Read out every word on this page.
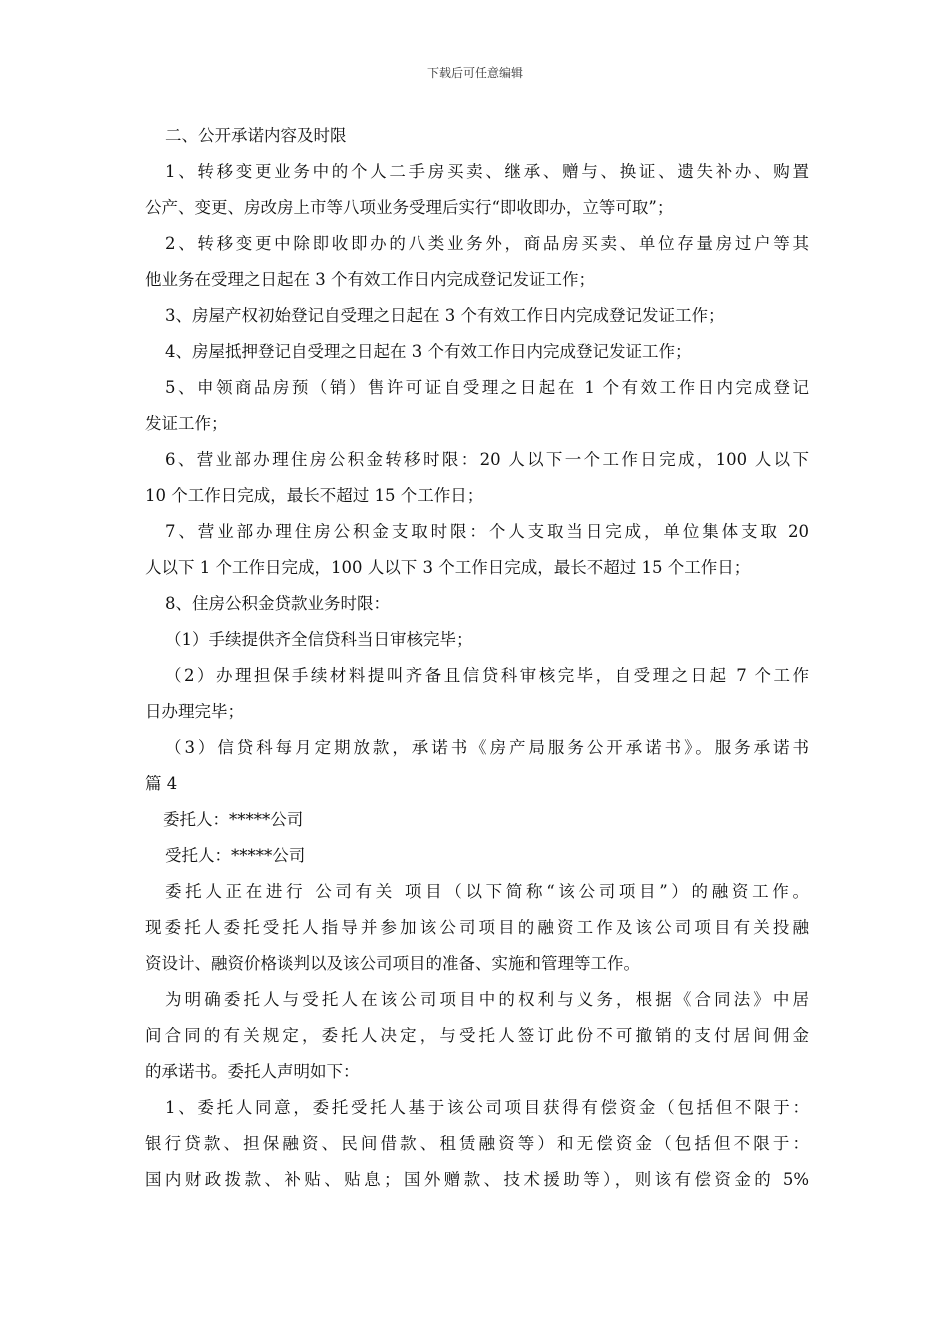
下载后可任意编辑
二、公开承诺内容及时限
1、转移变更业务中的个人二手房买卖、继承、赠与、换证、遗失补办、购置
公产、变更、房改房上市等八项业务受理后实行“即收即办，立等可取”；
2、转移变更中除即收即办的八类业务外，商品房买卖、单位存量房过户等其
他业务在受理之日起在 3 个有效工作日内完成登记发证工作；
3、房屋产权初始登记自受理之日起在 3 个有效工作日内完成登记发证工作；
4、房屋抵押登记自受理之日起在 3 个有效工作日内完成登记发证工作；
5、申领商品房预（销）售许可证自受理之日起在 1 个有效工作日内完成登记
发证工作；
6、营业部办理住房公积金转移时限：20 人以下一个工作日完成，100 人以下
10 个工作日完成，最长不超过 15 个工作日；
7、营业部办理住房公积金支取时限：个人支取当日完成，单位集体支取 20
人以下 1 个工作日完成，100 人以下 3 个工作日完成，最长不超过 15 个工作日；
8、住房公积金贷款业务时限：
（1）手续提供齐全信贷科当日审核完毕；
（2）办理担保手续材料提叫齐备且信贷科审核完毕，自受理之日起 7 个工作
日办理完毕；
（3）信贷科每月定期放款，承诺书《房产局服务公开承诺书》。服务承诺书
篇 4
委托人：*****公司
受托人：*****公司
委托人正在进行 公司有关 项目（以下简称“该公司项目”）的融资工作。
现委托人委托受托人指导并参加该公司项目的融资工作及该公司项目有关投融
资设计、融资价格谈判以及该公司项目的准备、实施和管理等工作。
为明确委托人与受托人在该公司项目中的权利与义务，根据《合同法》中居
间合同的有关规定，委托人决定，与受托人签订此份不可撤销的支付居间佣金
的承诺书。委托人声明如下：
1、委托人同意，委托受托人基于该公司项目获得有偿资金（包括但不限于：
银行贷款、担保融资、民间借款、租赁融资等）和无偿资金（包括但不限于：
国内财政拨款、补贴、贴息；国外赠款、技术援助等），则该有偿资金的 5%
